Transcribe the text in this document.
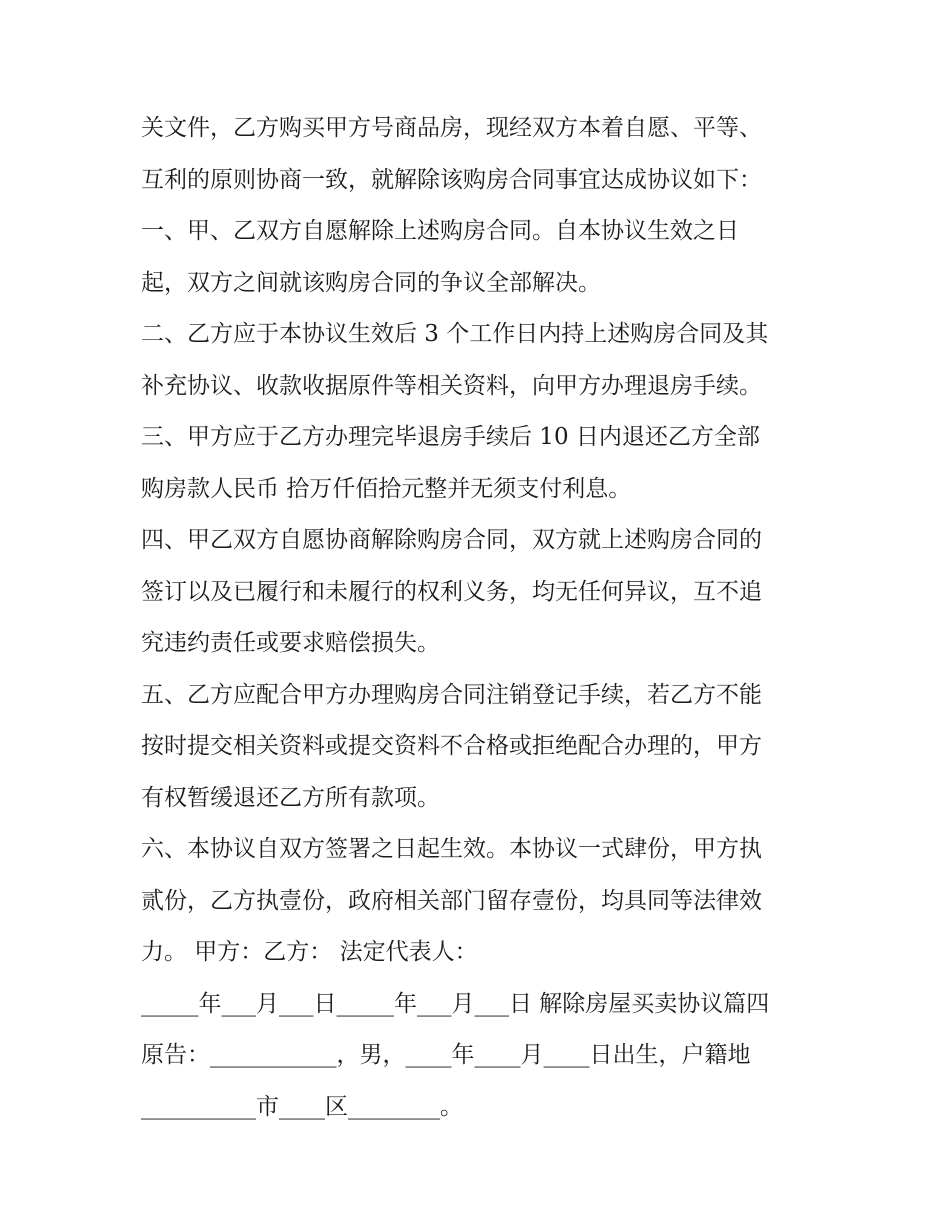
关文件，乙方购买甲方号商品房，现经双方本着自愿、平等、
互利的原则协商一致，就解除该购房合同事宜达成协议如下：
一、甲、乙双方自愿解除上述购房合同。自本协议生效之日
起，双方之间就该购房合同的争议全部解决。
二、乙方应于本协议生效后 3 个工作日内持上述购房合同及其
补充协议、收款收据原件等相关资料，向甲方办理退房手续。
三、甲方应于乙方办理完毕退房手续后 10 日内退还乙方全部
购房款人民币 拾万仟佰拾元整并无须支付利息。
四、甲乙双方自愿协商解除购房合同，双方就上述购房合同的
签订以及已履行和未履行的权利义务，均无任何异议，互不追
究违约责任或要求赔偿损失。
五、乙方应配合甲方办理购房合同注销登记手续，若乙方不能
按时提交相关资料或提交资料不合格或拒绝配合办理的，甲方
有权暂缓退还乙方所有款项。
六、本协议自双方签署之日起生效。本协议一式肆份，甲方执
贰份，乙方执壹份，政府相关部门留存壹份，均具同等法律效
力。 甲方：乙方： 法定代表人：
_____年___月___日_____年___月___日 解除房屋买卖协议篇四
原告：___________，男，____年____月____日出生，户籍地
__________市____区________。
